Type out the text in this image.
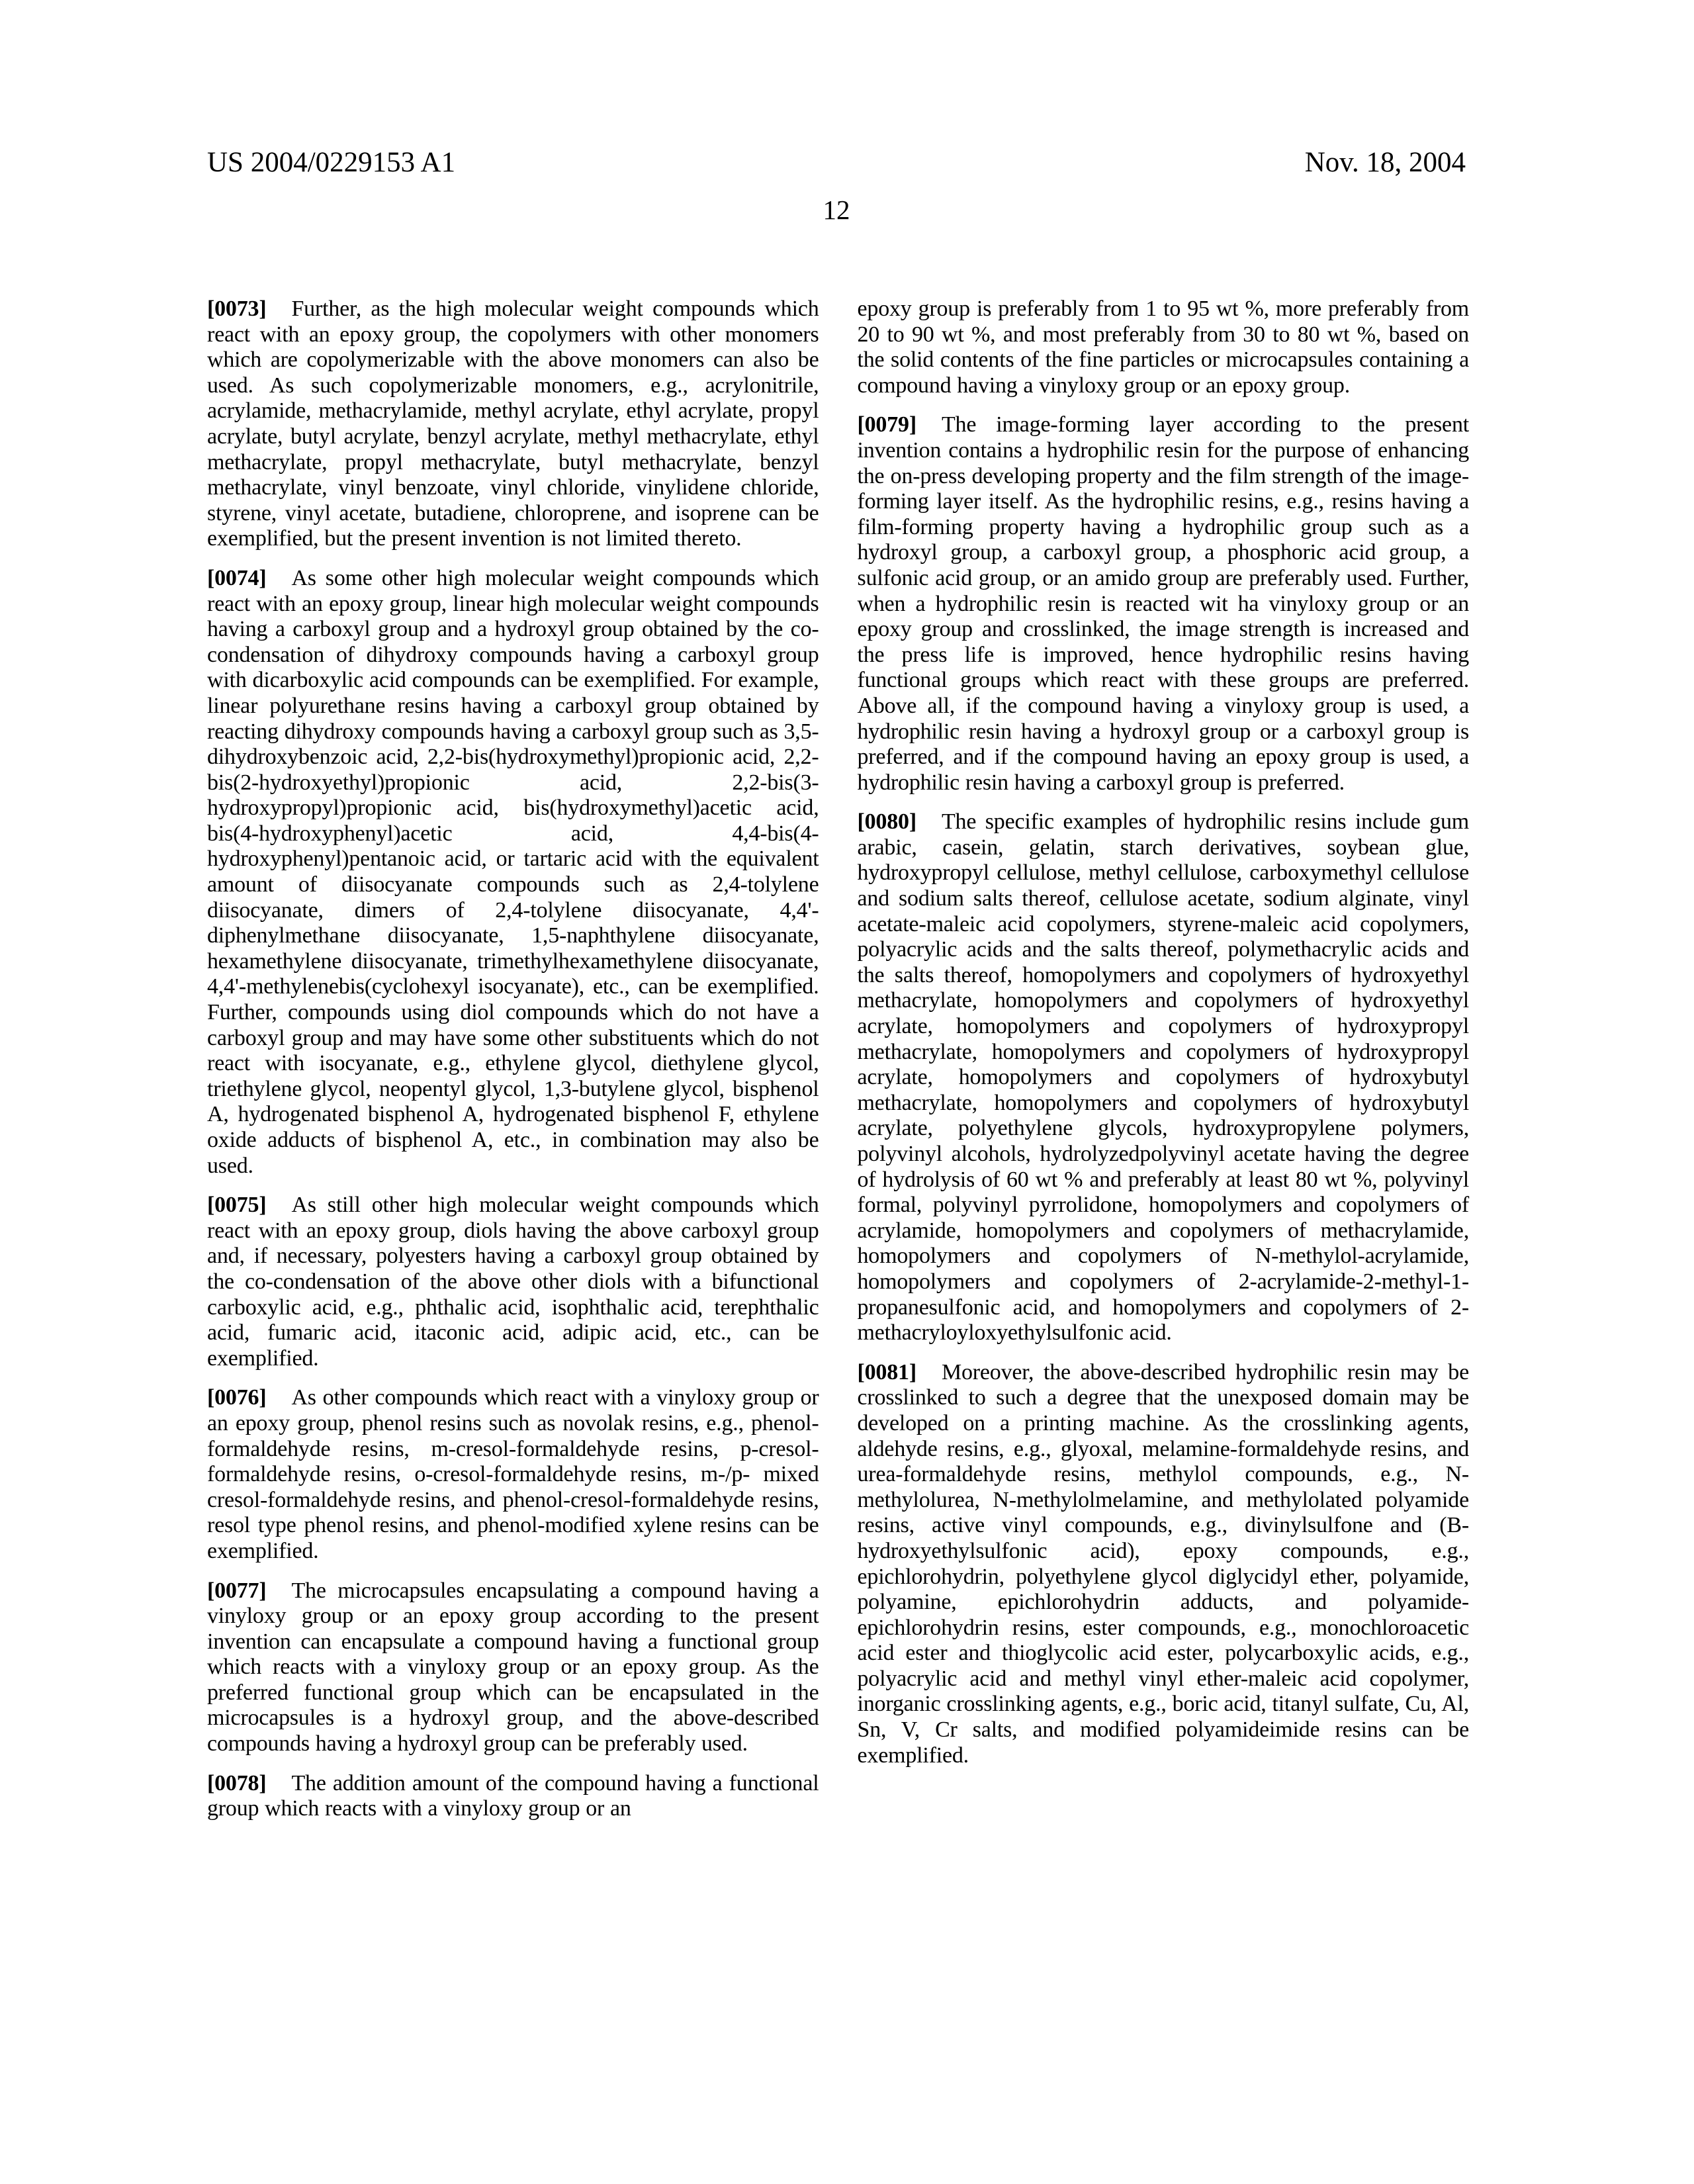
US 2004/0229153 A1	Nov. 18, 2004
12

[0073] Further, as the high molecular weight compounds which react with an epoxy group, the copolymers with other monomers which are copolymerizable with the above monomers can also be used. As such copolymerizable monomers, e.g., acrylonitrile, acrylamide, methacrylamide, methyl acrylate, ethyl acrylate, propyl acrylate, butyl acrylate, benzyl acrylate, methyl methacrylate, ethyl methacrylate, propyl methacrylate, butyl methacrylate, benzyl methacrylate, vinyl benzoate, vinyl chloride, vinylidene chloride, styrene, vinyl acetate, butadiene, chloroprene, and isoprene can be exemplified, but the present invention is not limited thereto.

[0074] As some other high molecular weight compounds which react with an epoxy group, linear high molecular weight compounds having a carboxyl group and a hydroxyl group obtained by the co-condensation of dihydroxy compounds having a carboxyl group with dicarboxylic acid compounds can be exemplified. For example, linear polyurethane resins having a carboxyl group obtained by reacting dihydroxy compounds having a carboxyl group such as 3,5-dihydroxybenzoic acid, 2,2-bis(hydroxymethyl)propionic acid, 2,2-bis(2-hydroxyethyl)propionic acid, 2,2-bis(3-hydroxypropyl)propionic acid, bis(hydroxymethyl)acetic acid, bis(4-hydroxyphenyl)acetic acid, 4,4-bis(4-hydroxyphenyl)pentanoic acid, or tartaric acid with the equivalent amount of diisocyanate compounds such as 2,4-tolylene diisocyanate, dimers of 2,4-tolylene diisocyanate, 4,4'-diphenylmethane diisocyanate, 1,5-naphthylene diisocyanate, hexamethylene diisocyanate, trimethylhexamethylene diisocyanate, 4,4'-methylenebis(cyclohexyl isocyanate), etc., can be exemplified. Further, compounds using diol compounds which do not have a carboxyl group and may have some other substituents which do not react with isocyanate, e.g., ethylene glycol, diethylene glycol, triethylene glycol, neopentyl glycol, 1,3-butylene glycol, bisphenol A, hydrogenated bisphenol A, hydrogenated bisphenol F, ethylene oxide adducts of bisphenol A, etc., in combination may also be used.

[0075] As still other high molecular weight compounds which react with an epoxy group, diols having the above carboxyl group and, if necessary, polyesters having a carboxyl group obtained by the co-condensation of the above other diols with a bifunctional carboxylic acid, e.g., phthalic acid, isophthalic acid, terephthalic acid, fumaric acid, itaconic acid, adipic acid, etc., can be exemplified.

[0076] As other compounds which react with a vinyloxy group or an epoxy group, phenol resins such as novolak resins, e.g., phenol-formaldehyde resins, m-cresol-formaldehyde resins, p-cresol-formaldehyde resins, o-cresol-formaldehyde resins, m-/p- mixed cresol-formaldehyde resins, and phenol-cresol-formaldehyde resins, resol type phenol resins, and phenol-modified xylene resins can be exemplified.

[0077] The microcapsules encapsulating a compound having a vinyloxy group or an epoxy group according to the present invention can encapsulate a compound having a functional group which reacts with a vinyloxy group or an epoxy group. As the preferred functional group which can be encapsulated in the microcapsules is a hydroxyl group, and the above-described compounds having a hydroxyl group can be preferably used.

[0078] The addition amount of the compound having a functional group which reacts with a vinyloxy group or an

epoxy group is preferably from 1 to 95 wt %, more preferably from 20 to 90 wt %, and most preferably from 30 to 80 wt %, based on the solid contents of the fine particles or microcapsules containing a compound having a vinyloxy group or an epoxy group.

[0079] The image-forming layer according to the present invention contains a hydrophilic resin for the purpose of enhancing the on-press developing property and the film strength of the image-forming layer itself. As the hydrophilic resins, e.g., resins having a film-forming property having a hydrophilic group such as a hydroxyl group, a carboxyl group, a phosphoric acid group, a sulfonic acid group, or an amido group are preferably used. Further, when a hydrophilic resin is reacted wit ha vinyloxy group or an epoxy group and crosslinked, the image strength is increased and the press life is improved, hence hydrophilic resins having functional groups which react with these groups are preferred. Above all, if the compound having a vinyloxy group is used, a hydrophilic resin having a hydroxyl group or a carboxyl group is preferred, and if the compound having an epoxy group is used, a hydrophilic resin having a carboxyl group is preferred.

[0080] The specific examples of hydrophilic resins include gum arabic, casein, gelatin, starch derivatives, soybean glue, hydroxypropyl cellulose, methyl cellulose, carboxymethyl cellulose and sodium salts thereof, cellulose acetate, sodium alginate, vinyl acetate-maleic acid copolymers, styrene-maleic acid copolymers, polyacrylic acids and the salts thereof, polymethacrylic acids and the salts thereof, homopolymers and copolymers of hydroxyethyl methacrylate, homopolymers and copolymers of hydroxyethyl acrylate, homopolymers and copolymers of hydroxypropyl methacrylate, homopolymers and copolymers of hydroxypropyl acrylate, homopolymers and copolymers of hydroxybutyl methacrylate, homopolymers and copolymers of hydroxybutyl acrylate, polyethylene glycols, hydroxypropylene polymers, polyvinyl alcohols, hydrolyzedpolyvinyl acetate having the degree of hydrolysis of 60 wt % and preferably at least 80 wt %, polyvinyl formal, polyvinyl pyrrolidone, homopolymers and copolymers of acrylamide, homopolymers and copolymers of methacrylamide, homopolymers and copolymers of N-methylol-acrylamide, homopolymers and copolymers of 2-acrylamide-2-methyl-1-propanesulfonic acid, and homopolymers and copolymers of 2-methacryloyloxyethylsulfonic acid.

[0081] Moreover, the above-described hydrophilic resin may be crosslinked to such a degree that the unexposed domain may be developed on a printing machine. As the crosslinking agents, aldehyde resins, e.g., glyoxal, melamine-formaldehyde resins, and urea-formaldehyde resins, methylol compounds, e.g., N-methylolurea, N-methylolmelamine, and methylolated polyamide resins, active vinyl compounds, e.g., divinylsulfone and (B-hydroxyethylsulfonic acid), epoxy compounds, e.g., epichlorohydrin, polyethylene glycol diglycidyl ether, polyamide, polyamine, epichlorohydrin adducts, and polyamide-epichlorohydrin resins, ester compounds, e.g., monochloroacetic acid ester and thioglycolic acid ester, polycarboxylic acids, e.g., polyacrylic acid and methyl vinyl ether-maleic acid copolymer, inorganic crosslinking agents, e.g., boric acid, titanyl sulfate, Cu, Al, Sn, V, Cr salts, and modified polyamideimide resins can be exemplified.
